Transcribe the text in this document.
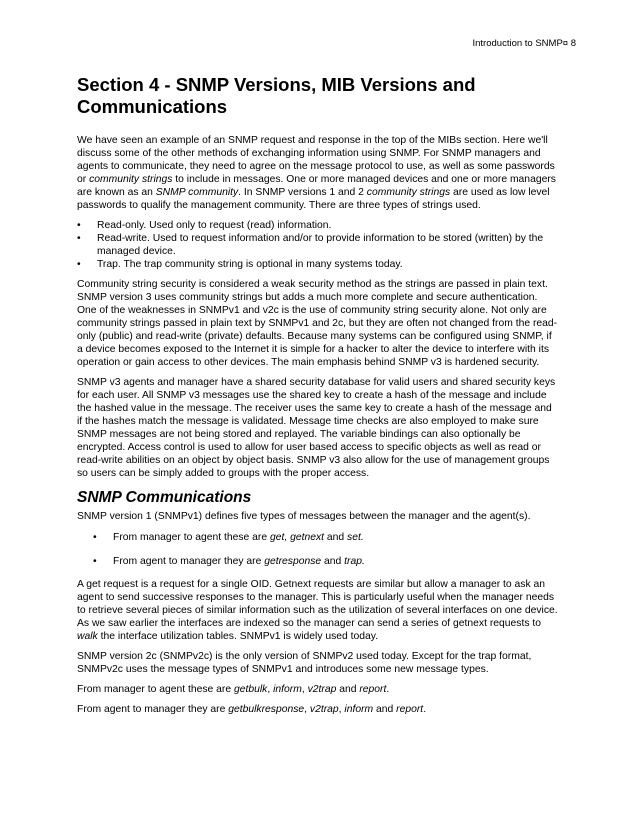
Introduction to SNMP¤ 8
Section 4 - SNMP Versions, MIB Versions and Communications

We have seen an example of an SNMP request and response in the top of the MIBs section. Here we'll discuss some of the other methods of exchanging information using SNMP. For SNMP managers and agents to communicate, they need to agree on the message protocol to use, as well as some passwords or community strings to include in messages. One or more managed devices and one or more managers are known as an SNMP community. In SNMP versions 1 and 2 community strings are used as low level passwords to qualify the management community. There are three types of strings used.

• Read-only. Used only to request (read) information.
• Read-write. Used to request information and/or to provide information to be stored (written) by the managed device.
• Trap. The trap community string is optional in many systems today.

Community string security is considered a weak security method as the strings are passed in plain text. SNMP version 3 uses community strings but adds a much more complete and secure authentication. One of the weaknesses in SNMPv1 and v2c is the use of community string security alone. Not only are community strings passed in plain text by SNMPv1 and 2c, but they are often not changed from the read-only (public) and read-write (private) defaults. Because many systems can be configured using SNMP, if a device becomes exposed to the Internet it is simple for a hacker to alter the device to interfere with its operation or gain access to other devices. The main emphasis behind SNMP v3 is hardened security.

SNMP v3 agents and manager have a shared security database for valid users and shared security keys for each user. All SNMP v3 messages use the shared key to create a hash of the message and include the hashed value in the message. The receiver uses the same key to create a hash of the message and if the hashes match the message is validated. Message time checks are also employed to make sure SNMP messages are not being stored and replayed. The variable bindings can also optionally be encrypted. Access control is used to allow for user based access to specific objects as well as read or read-write abilities on an object by object basis. SNMP v3 also allow for the use of management groups so users can be simply added to groups with the proper access.

SNMP Communications

SNMP version 1 (SNMPv1) defines five types of messages between the manager and the agent(s).

• From manager to agent these are get, getnext and set.
• From agent to manager they are getresponse and trap.

A get request is a request for a single OID. Getnext requests are similar but allow a manager to ask an agent to send successive responses to the manager. This is particularly useful when the manager needs to retrieve several pieces of similar information such as the utilization of several interfaces on one device. As we saw earlier the interfaces are indexed so the manager can send a series of getnext requests to walk the interface utilization tables. SNMPv1 is widely used today.

SNMP version 2c (SNMPv2c) is the only version of SNMPv2 used today. Except for the trap format, SNMPv2c uses the message types of SNMPv1 and introduces some new message types.

From manager to agent these are getbulk, inform, v2trap and report.

From agent to manager they are getbulkresponse, v2trap, inform and report.
